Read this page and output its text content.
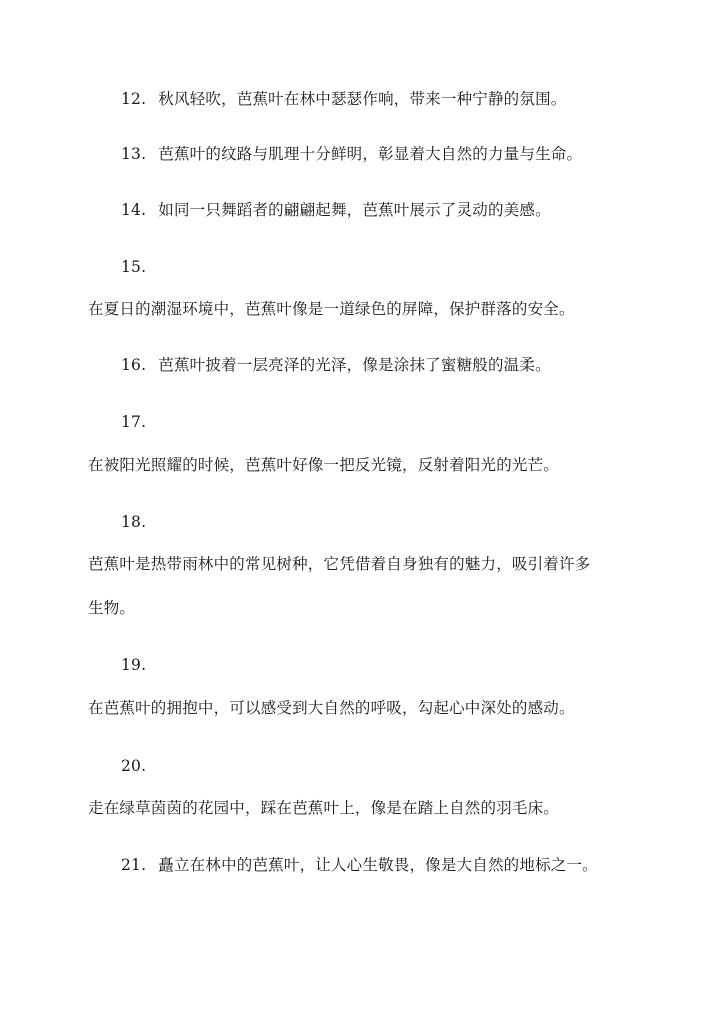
12. 秋风轻吹，芭蕉叶在林中瑟瑟作响，带来一种宁静的氛围。
13. 芭蕉叶的纹路与肌理十分鲜明，彰显着大自然的力量与生命。
14. 如同一只舞蹈者的翩翩起舞，芭蕉叶展示了灵动的美感。
15.
在夏日的潮湿环境中，芭蕉叶像是一道绿色的屏障，保护群落的安全。
16. 芭蕉叶披着一层亮泽的光泽，像是涂抹了蜜糖般的温柔。
17.
在被阳光照耀的时候，芭蕉叶好像一把反光镜，反射着阳光的光芒。
18.
芭蕉叶是热带雨林中的常见树种，它凭借着自身独有的魅力，吸引着许多
生物。
19.
在芭蕉叶的拥抱中，可以感受到大自然的呼吸，勾起心中深处的感动。
20.
走在绿草茵茵的花园中，踩在芭蕉叶上，像是在踏上自然的羽毛床。
21. 矗立在林中的芭蕉叶，让人心生敬畏，像是大自然的地标之一。
